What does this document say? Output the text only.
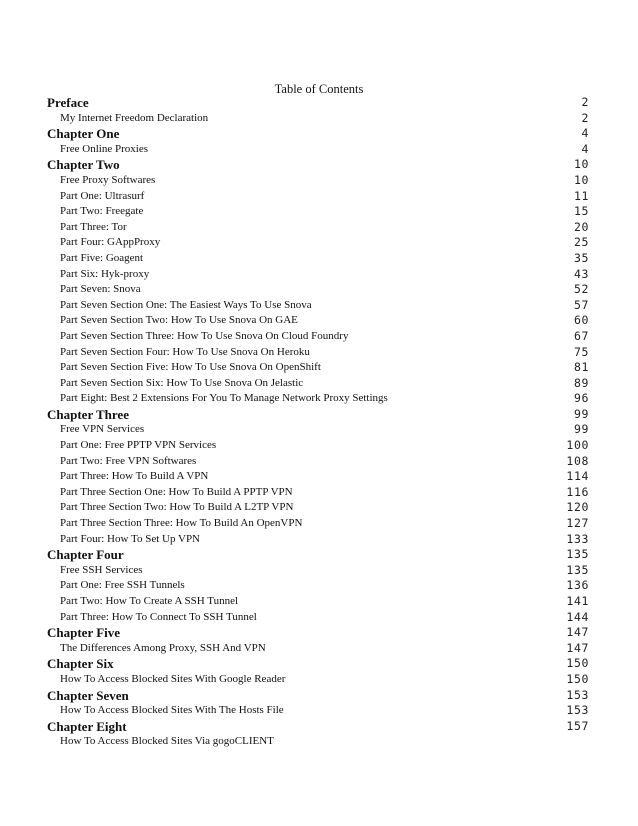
Table of Contents
Preface	2
My Internet Freedom Declaration	2
Chapter One	4
Free Online Proxies	4
Chapter Two	10
Free Proxy Softwares	10
Part One: Ultrasurf	11
Part Two: Freegate	15
Part Three: Tor	20
Part Four: GAppProxy	25
Part Five: Goagent	35
Part Six: Hyk-proxy	43
Part Seven: Snova	52
Part Seven Section One: The Easiest Ways To Use Snova	57
Part Seven Section Two: How To Use Snova On GAE	60
Part Seven Section Three: How To Use Snova On Cloud Foundry	67
Part Seven Section Four: How To Use Snova On Heroku	75
Part Seven Section Five: How To Use Snova On OpenShift	81
Part Seven Section Six: How To Use Snova On Jelastic	89
Part Eight: Best 2 Extensions For You To Manage Network Proxy Settings	96
Chapter Three	99
Free VPN Services	99
Part One: Free PPTP VPN Services	100
Part Two: Free VPN Softwares	108
Part Three: How To Build A VPN	114
Part Three Section One: How To Build A PPTP VPN	116
Part Three Section Two: How To Build A L2TP VPN	120
Part Three Section Three: How To Build An OpenVPN	127
Part Four: How To Set Up VPN	133
Chapter Four	135
Free SSH Services	135
Part One: Free SSH Tunnels	136
Part Two: How To Create A SSH Tunnel	141
Part Three: How To Connect To SSH Tunnel	144
Chapter Five	147
The Differences Among Proxy, SSH And VPN	147
Chapter Six	150
How To Access Blocked Sites With Google Reader	150
Chapter Seven	153
How To Access Blocked Sites With The Hosts File	153
Chapter Eight	157
How To Access Blocked Sites Via gogoCLIENT
